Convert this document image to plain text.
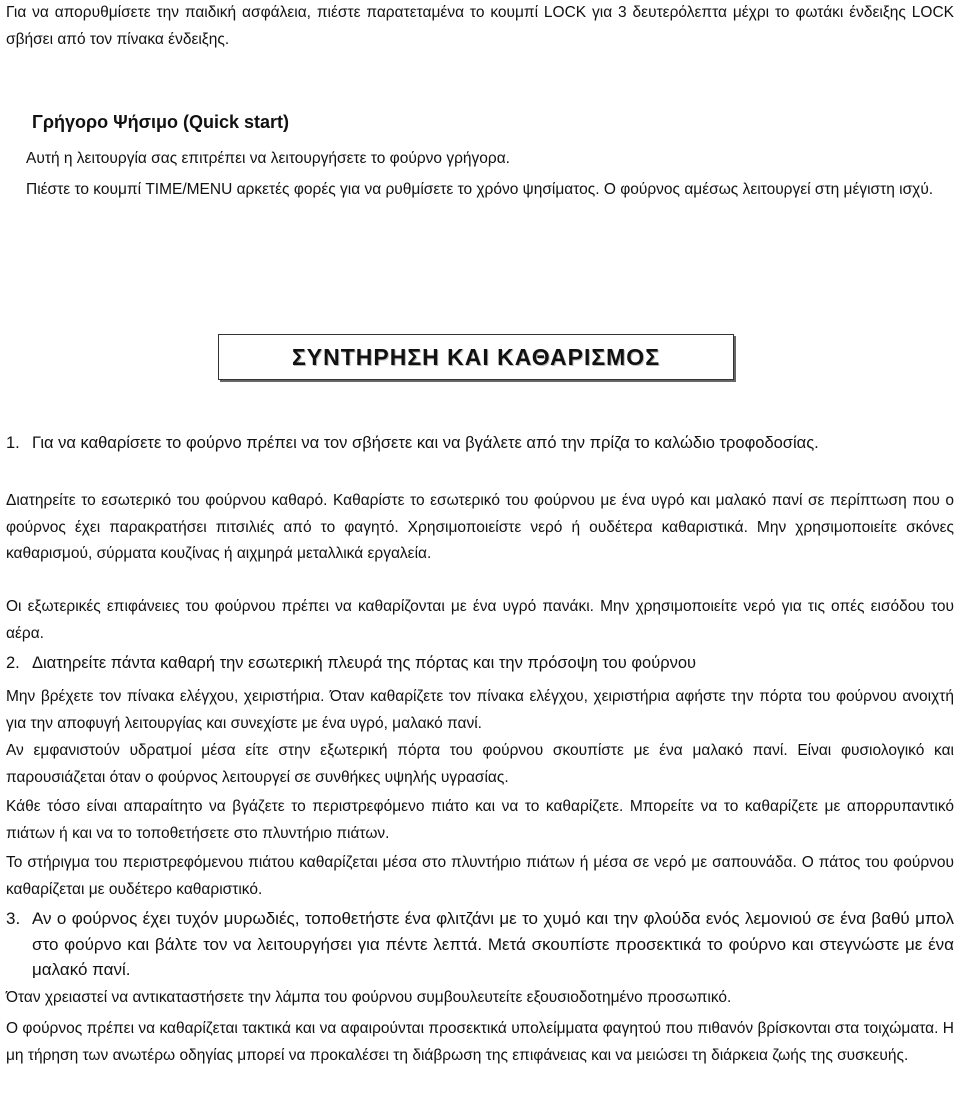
Για να απορυθμίσετε την παιδική ασφάλεια, πιέστε παρατεταμένα το κουμπί LOCK για 3 δευτερόλεπτα μέχρι το φωτάκι ένδειξης LOCK σβήσει από τον πίνακα ένδειξης.

Γρήγορο Ψήσιμο (Quick start)

Αυτή η λειτουργία σας επιτρέπει να λειτουργήσετε το φούρνο γρήγορα.

Πιέστε το κουμπί TIME/MENU αρκετές φορές για να ρυθμίσετε το χρόνο ψησίματος. Ο φούρνος αμέσως λειτουργεί στη μέγιστη ισχύ.

ΣΥΝΤΗΡΗΣΗ ΚΑΙ ΚΑΘΑΡΙΣΜΟΣ
1. Για να καθαρίσετε το φούρνο πρέπει να τον σβήσετε και να βγάλετε από την πρίζα το καλώδιο τροφοδοσίας.

Διατηρείτε το εσωτερικό του φούρνου καθαρό. Καθαρίστε το εσωτερικό του φούρνου με ένα υγρό και μαλακό πανί σε περίπτωση που ο φούρνος έχει παρακρατήσει πιτσιλιές από το φαγητό. Χρησιμοποιείστε νερό ή ουδέτερα καθαριστικά. Μην χρησιμοποιείτε σκόνες καθαρισμού, σύρματα κουζίνας ή αιχμηρά μεταλλικά εργαλεία.

Οι εξωτερικές επιφάνειες του φούρνου πρέπει να καθαρίζονται με ένα υγρό πανάκι. Μην χρησιμοποιείτε νερό για τις οπές εισόδου του αέρα.

2. Διατηρείτε πάντα καθαρή την εσωτερική πλευρά της πόρτας και την πρόσοψη του φούρνου

Μην βρέχετε τον πίνακα ελέγχου, χειριστήρια. Όταν καθαρίζετε τον πίνακα ελέγχου, χειριστήρια αφήστε την πόρτα του φούρνου ανοιχτή για την αποφυγή λειτουργίας και συνεχίστε με ένα υγρό, μαλακό πανί.

Αν εμφανιστούν υδρατμοί μέσα είτε στην εξωτερική πόρτα του φούρνου σκουπίστε με ένα μαλακό πανί. Είναι φυσιολογικό και παρουσιάζεται όταν ο φούρνος λειτουργεί σε συνθήκες υψηλής υγρασίας.

Κάθε τόσο είναι απαραίτητο να βγάζετε το περιστρεφόμενο πιάτο και να το καθαρίζετε. Μπορείτε να το καθαρίζετε με απορρυπαντικό πιάτων ή και να το τοποθετήσετε στο πλυντήριο πιάτων.

Το στήριγμα του περιστρεφόμενου πιάτου καθαρίζεται μέσα στο πλυντήριο πιάτων ή μέσα σε νερό με σαπουνάδα. Ο πάτος του φούρνου καθαρίζεται με ουδέτερο καθαριστικό.

3. Αν ο φούρνος έχει τυχόν μυρωδιές, τοποθετήστε ένα φλιτζάνι με το χυμό και την φλούδα ενός λεμονιού σε ένα βαθύ μπολ στο φούρνο και βάλτε τον να λειτουργήσει για πέντε λεπτά. Μετά σκουπίστε προσεκτικά το φούρνο και στεγνώστε με ένα μαλακό πανί.

Όταν χρειαστεί να αντικαταστήσετε την λάμπα του φούρνου συμβουλευτείτε εξουσιοδοτημένο προσωπικό.

Ο φούρνος πρέπει να καθαρίζεται τακτικά και να αφαιρούνται προσεκτικά υπολείμματα φαγητού που πιθανόν βρίσκονται στα τοιχώματα. Η μη τήρηση των ανωτέρω οδηγίας μπορεί να προκαλέσει τη διάβρωση της επιφάνειας και να μειώσει τη διάρκεια ζωής της συσκευής.
